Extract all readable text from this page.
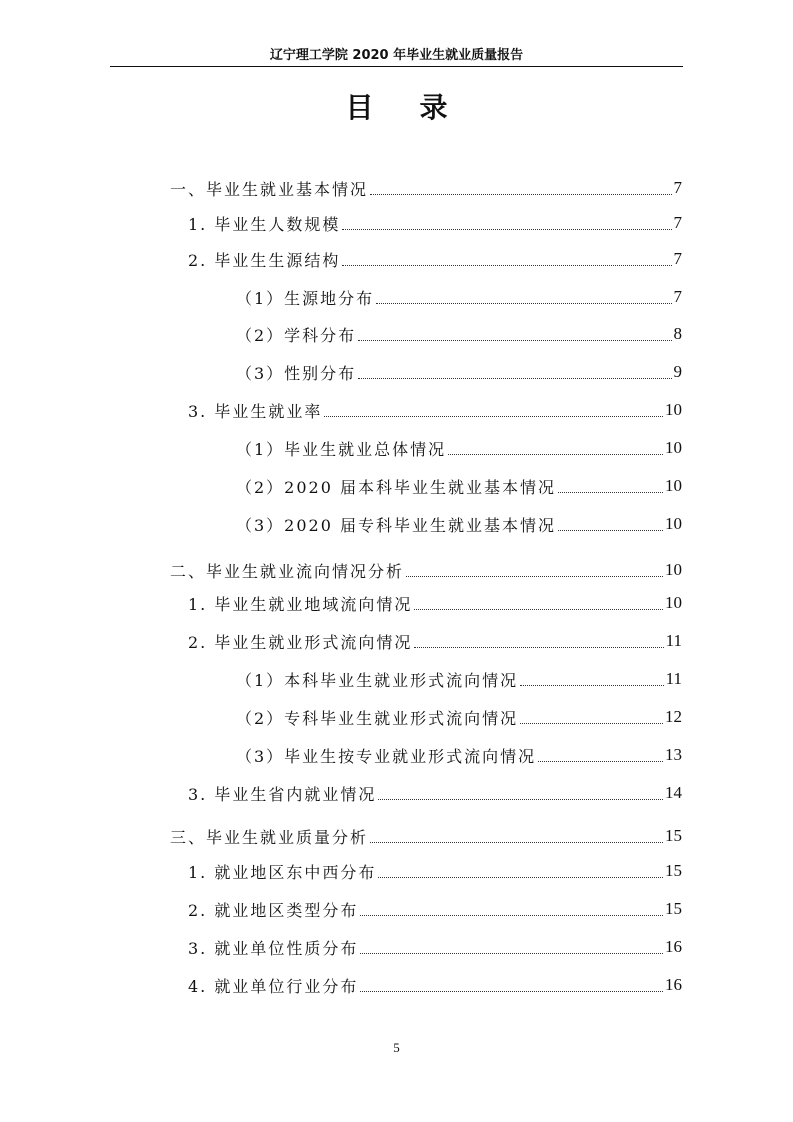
辽宁理工学院 2020 年毕业生就业质量报告
目录
一、毕业生就业基本情况	7
1. 毕业生人数规模	7
2. 毕业生生源结构	7
（1）生源地分布	7
（2）学科分布	8
（3）性别分布	9
3. 毕业生就业率	10
（1）毕业生就业总体情况	10
（2）2020 届本科毕业生就业基本情况	10
（3）2020 届专科毕业生就业基本情况	10
二、毕业生就业流向情况分析	10
1. 毕业生就业地域流向情况	10
2. 毕业生就业形式流向情况	11
（1）本科毕业生就业形式流向情况	11
（2）专科毕业生就业形式流向情况	12
（3）毕业生按专业就业形式流向情况	13
3. 毕业生省内就业情况	14
三、毕业生就业质量分析	15
1. 就业地区东中西分布	15
2. 就业地区类型分布	15
3. 就业单位性质分布	16
4. 就业单位行业分布	16
5
